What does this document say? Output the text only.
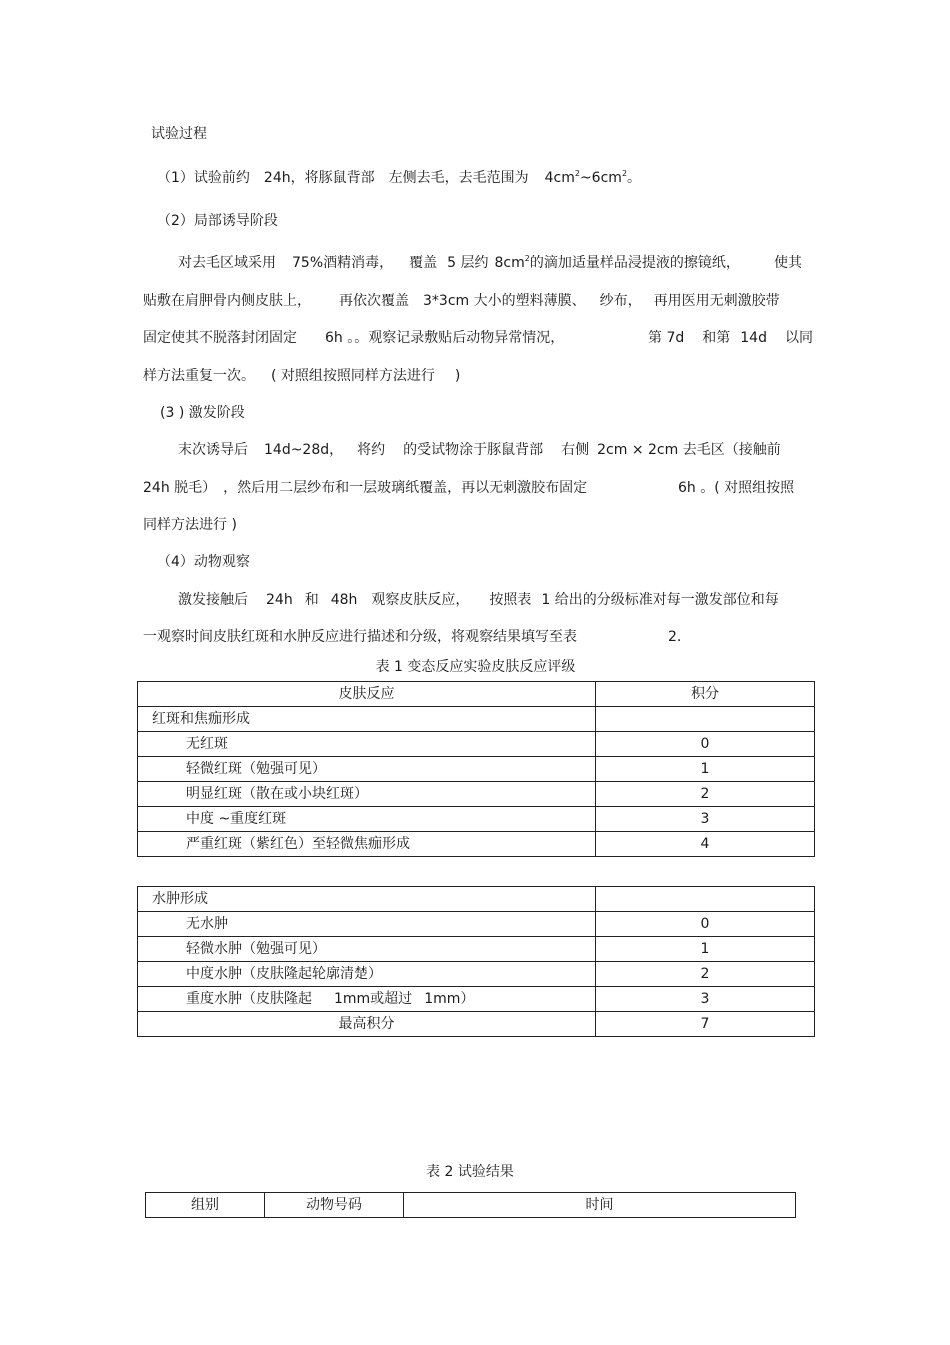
试验过程
（1）试验前约 24h，将豚鼠背部 左侧去毛，去毛范围为 $4cm^2\sim 6cm^2$。
（2）局部诱导阶段
对去毛区域采用 75%酒精消毒， 覆盖 5 层约 $8cm^2$的滴加适量样品浸提液的擦镜纸， 使其
贴敷在肩胛骨内侧皮肤上， 再依次覆盖 3*3cm 大小的塑料薄膜、 纱布， 再用医用无刺激胶带
固定使其不脱落封闭固定 6h 。。观察记录敷贴后动物异常情况，	第 7d 和第 14d 以同
样方法重复一次。 ( 对照组按照同样方法进行 )
(3 ) 激发阶段
末次诱导后 14d~28d， 将约 的受试物涂于豚鼠背部 右侧 2cm × 2cm 去毛区（接触前
24h 脱毛） ，然后用二层纱布和一层玻璃纸覆盖，再以无刺激胶布固定	6h 。( 对照组按照
同样方法进行 )
（4）动物观察
激发接触后 24h 和 48h 观察皮肤反应， 按照表 1 给出的分级标准对每一激发部位和每
一观察时间皮肤红斑和水肿反应进行描述和分级，将观察结果填写至表	2.
表 1 变态反应实验皮肤反应评级
皮肤反应	积分
红斑和焦痂形成	
无红斑	0
轻微红斑（勉强可见）	1
明显红斑（散在或小块红斑）	2
中度 ~重度红斑	3
严重红斑（紫红色）至轻微焦痂形成	4
水肿形成	
无水肿	0
轻微水肿（勉强可见）	1
中度水肿（皮肤隆起轮廓清楚）	2
重度水肿（皮肤隆起 1mm或超过 1mm）	3
最高积分	7
表 2 试验结果
组别	动物号码	时间
